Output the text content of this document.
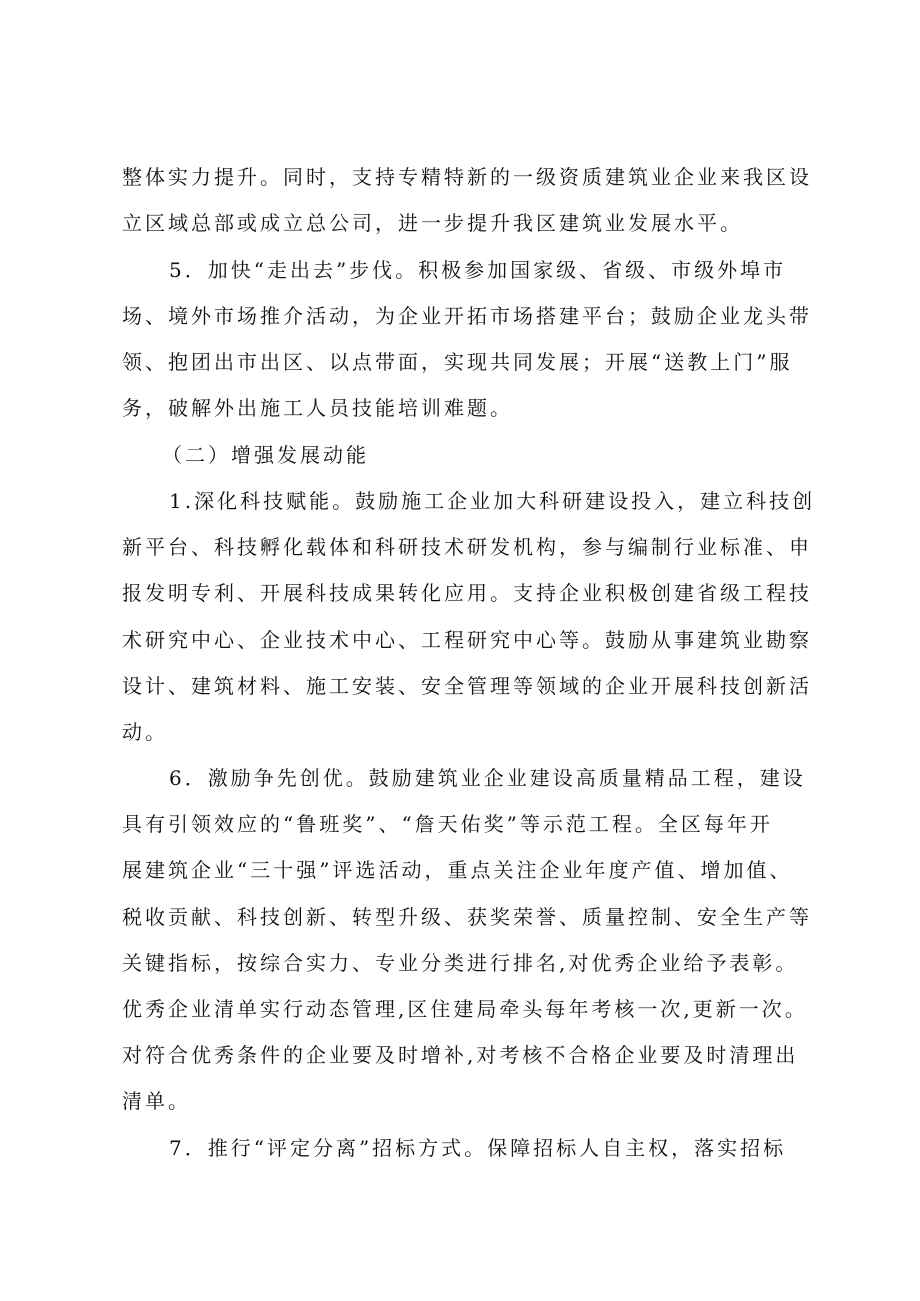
整体实力提升。同时，支持专精特新的一级资质建筑业企业来我区设
立区域总部或成立总公司，进一步提升我区建筑业发展水平。
5．加快“走出去”步伐。积极参加国家级、省级、市级外埠市
场、境外市场推介活动，为企业开拓市场搭建平台；鼓励企业龙头带
领、抱团出市出区、以点带面，实现共同发展；开展“送教上门”服
务，破解外出施工人员技能培训难题。
（二）增强发展动能
1.深化科技赋能。鼓励施工企业加大科研建设投入，建立科技创
新平台、科技孵化载体和科研技术研发机构，参与编制行业标准、申
报发明专利、开展科技成果转化应用。支持企业积极创建省级工程技
术研究中心、企业技术中心、工程研究中心等。鼓励从事建筑业勘察
设计、建筑材料、施工安装、安全管理等领域的企业开展科技创新活
动。
6．激励争先创优。鼓励建筑业企业建设高质量精品工程，建设
具有引领效应的“鲁班奖”、“詹天佑奖”等示范工程。全区每年开
展建筑企业“三十强”评选活动，重点关注企业年度产值、增加值、
税收贡献、科技创新、转型升级、获奖荣誉、质量控制、安全生产等
关键指标，按综合实力、专业分类进行排名,对优秀企业给予表彰。
优秀企业清单实行动态管理,区住建局牵头每年考核一次,更新一次。
对符合优秀条件的企业要及时增补,对考核不合格企业要及时清理出
清单。
7．推行“评定分离”招标方式。保障招标人自主权，落实招标
